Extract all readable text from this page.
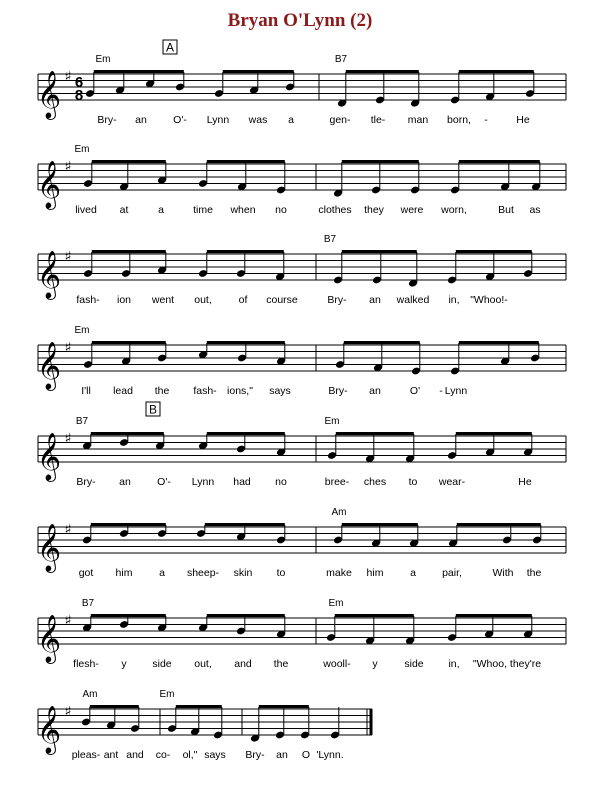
Bryan O'Lynn (2)
𝄞 ♯ 6
8
Em	B7
Bry- an	O'- Lynn was a	gen- tle- man born, -	He
𝄞 ♯
Em
lived at	a	time when no	clothes they were worn,	But as
𝄞 ♯
B7
fash- ion went out,	of course	Bry- an walked in, "Whoo!-
𝄞 ♯
Em
I'll lead the fash- ions," says	Bry- an	O' - Lynn
𝄞 ♯
B7	Em
Bry- an	O'- Lynn had no	bree- ches to wear-	He
𝄞 ♯
Am
got him	a sheep- skin to	make him	a pair,	With the
𝄞 ♯
B7	Em
flesh- y side out, and the	wooll- y	side in, "Whoo, they're
𝄞 ♯
Am	Em
pleas- ant and co- ol," says Bry- an O 'Lynn.
A
B
